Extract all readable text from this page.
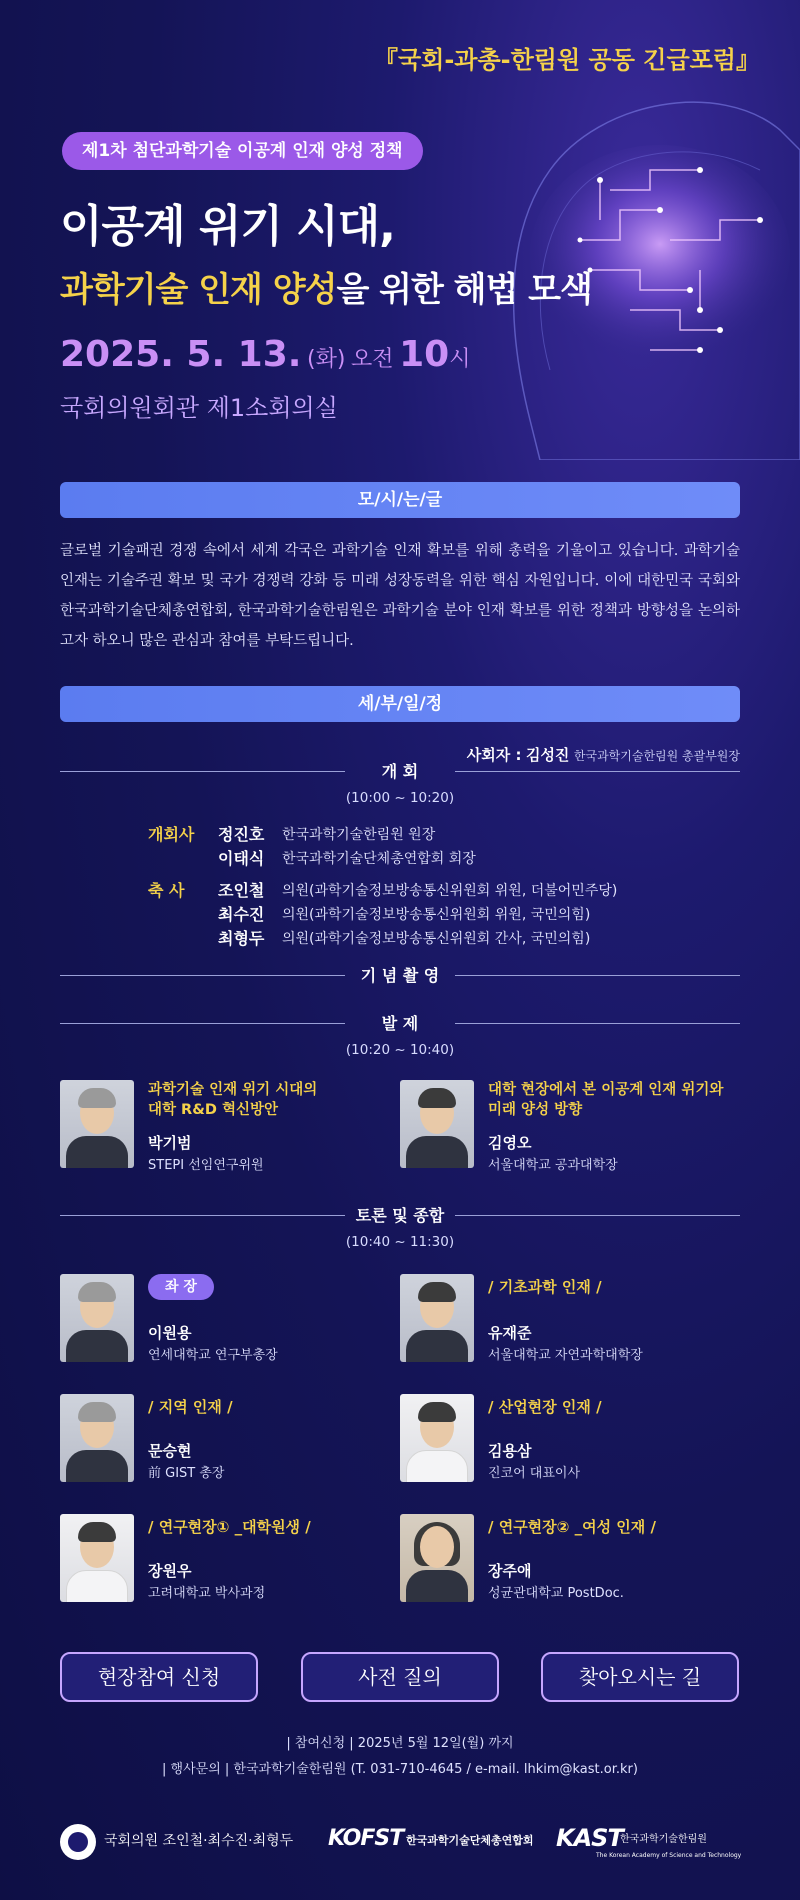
『국회-과총-한림원 공동 긴급포럼』
제1차 첨단과학기술 이공계 인재 양성 정책
이공계 위기 시대,
과학기술 인재 양성을 위한 해법 모색
2025. 5. 13. (화) 오전 10시
국회의원회관 제1소회의실
모/시/는/글
글로벌 기술패권 경쟁 속에서 세계 각국은 과학기술 인재 확보를 위해 총력을 기울이고 있습니다. 과학기술 인재는 기술주권 확보 및 국가 경쟁력 강화 등 미래 성장동력을 위한 핵심 자원입니다. 이에 대한민국 국회와 한국과학기술단체총연합회, 한국과학기술한림원은 과학기술 분야 인재 확보를 위한 정책과 방향성을 논의하고자 하오니 많은 관심과 참여를 부탁드립니다.
세/부/일/정
사회자 : 김성진 한국과학기술한림원 총괄부원장
개 회
(10:00 ~ 10:20)
개회사 정진호 한국과학기술한림원 원장
이태식 한국과학기술단체총연합회 회장
축 사 조인철 의원(과학기술정보방송통신위원회 위원, 더불어민주당)
최수진 의원(과학기술정보방송통신위원회 위원, 국민의힘)
최형두 의원(과학기술정보방송통신위원회 간사, 국민의힘)
기 념 촬 영
발 제
(10:20 ~ 10:40)
과학기술 인재 위기 시대의
대학 R&D 혁신방안
박기범
STEPI 선임연구위원
대학 현장에서 본 이공계 인재 위기와
미래 양성 방향
김영오
서울대학교 공과대학장
토론 및 종합
(10:40 ~ 11:30)
좌 장
이원용
연세대학교 연구부총장
/ 기초과학 인재 /
유재준
서울대학교 자연과학대학장
/ 지역 인재 /
문승현
前 GIST 총장
/ 산업현장 인재 /
김용삼
진코어 대표이사
/ 연구현장① _대학원생 /
장원우
고려대학교 박사과정
/ 연구현장② _여성 인재 /
장주애
성균관대학교 PostDoc.
현장참여 신청	사전 질의	찾아오시는 길
| 참여신청 | 2025년 5월 12일(월) 까지
| 행사문의 | 한국과학기술한림원 (T. 031-710-4645 / e-mail. lhkim@kast.or.kr)
국회의원 조인철·최수진·최형두 KOFST 한국과학기술단체총연합회 KAST
한국과학기술한림원
The Korean Academy of Science and Technology
